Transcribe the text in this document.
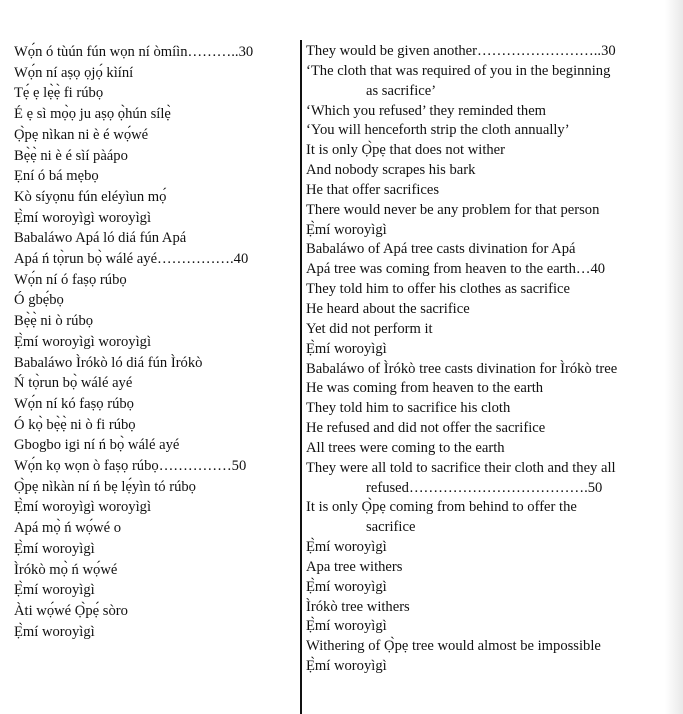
Wọ́n ó tùún fún wọn ní òmíìn………..30
Wọ́n ní aṣọ ọjọ́ kìíní
Tẹ́ ẹ lẹ̀ẹ̀ fi rúbọ
É ẹ sì mọ̀ọ ju aṣọ ọ̀hún sílẹ̀
Ọ̀pẹ nìkan ni è é wọ́wé
Bẹ̀ẹ̀ ni è é sìí pàápo
Ẹní ó bá mẹbọ
Kò síyọnu fún eléyìun mọ́
Ẹ̀mí woroyìgì woroyìgì
Babaláwo Apá ló diá fún Apá
Apá ń tọ̀run bọ̀ wálé ayé…………….40
Wọ́n ní ó faṣọ rúbọ
Ó gbẹ́bọ
Bẹ̀ẹ̀ ni ò rúbọ
Ẹ̀mí woroyìgì woroyìgì
Babaláwo Ìrókò ló diá fún Ìrókò
Ń tọ̀run bọ̀ wálé ayé
Wọ́n ní kó faṣọ rúbọ
Ó kọ̀ bẹ̀ẹ̀ ni ò fi rúbọ
Gbogbo igi ní ń bọ̀ wálé ayé
Wọ́n kọ wọn ò faṣọ rúbọ……………50
Ọ̀pẹ nìkàn ní ń bẹ lẹ́yìn tó rúbọ
Ẹ̀mí woroyìgì woroyìgì
Apá mọ̀ ń wọ́wé o
Ẹ̀mí woroyìgì
Ìrókò mọ̀ ń wọ́wé
Ẹ̀mí woroyìgì
Àti wọ́wé Ọ̀pẹ́ sòro
Ẹ̀mí woroyìgì
They would be given another……………………..30
‘The cloth that was required of you in the beginning
as sacrifice’
‘Which you refused’ they reminded them
‘You will henceforth strip the cloth annually’
It is only Ọ̀pẹ that does not wither
And nobody scrapes his bark
He that offer sacrifices
There would never be any problem for that person
Ẹ̀mí woroyìgì
Babaláwo of Apá tree casts divination for Apá
Apá tree was coming from heaven to the earth…40
They told him to offer his clothes as sacrifice
He heard about the sacrifice
Yet did not perform it
Ẹ̀mí woroyìgì
Babaláwo of Ìrókò tree casts divination for Ìrókò tree
He was coming from heaven to the earth
They told him to sacrifice his cloth
He refused and did not offer the sacrifice
All trees were coming to the earth
They were all told to sacrifice their cloth and they all
refused……………………………….50
It is only Ọ̀pẹ coming from behind to offer the
sacrifice
Ẹ̀mí woroyìgì
Apa tree withers
Ẹ̀mí woroyìgì
Ìrókò tree withers
Ẹ̀mí woroyìgì
Withering of Ọ̀pẹ tree would almost be impossible
Ẹ̀mí woroyìgì
